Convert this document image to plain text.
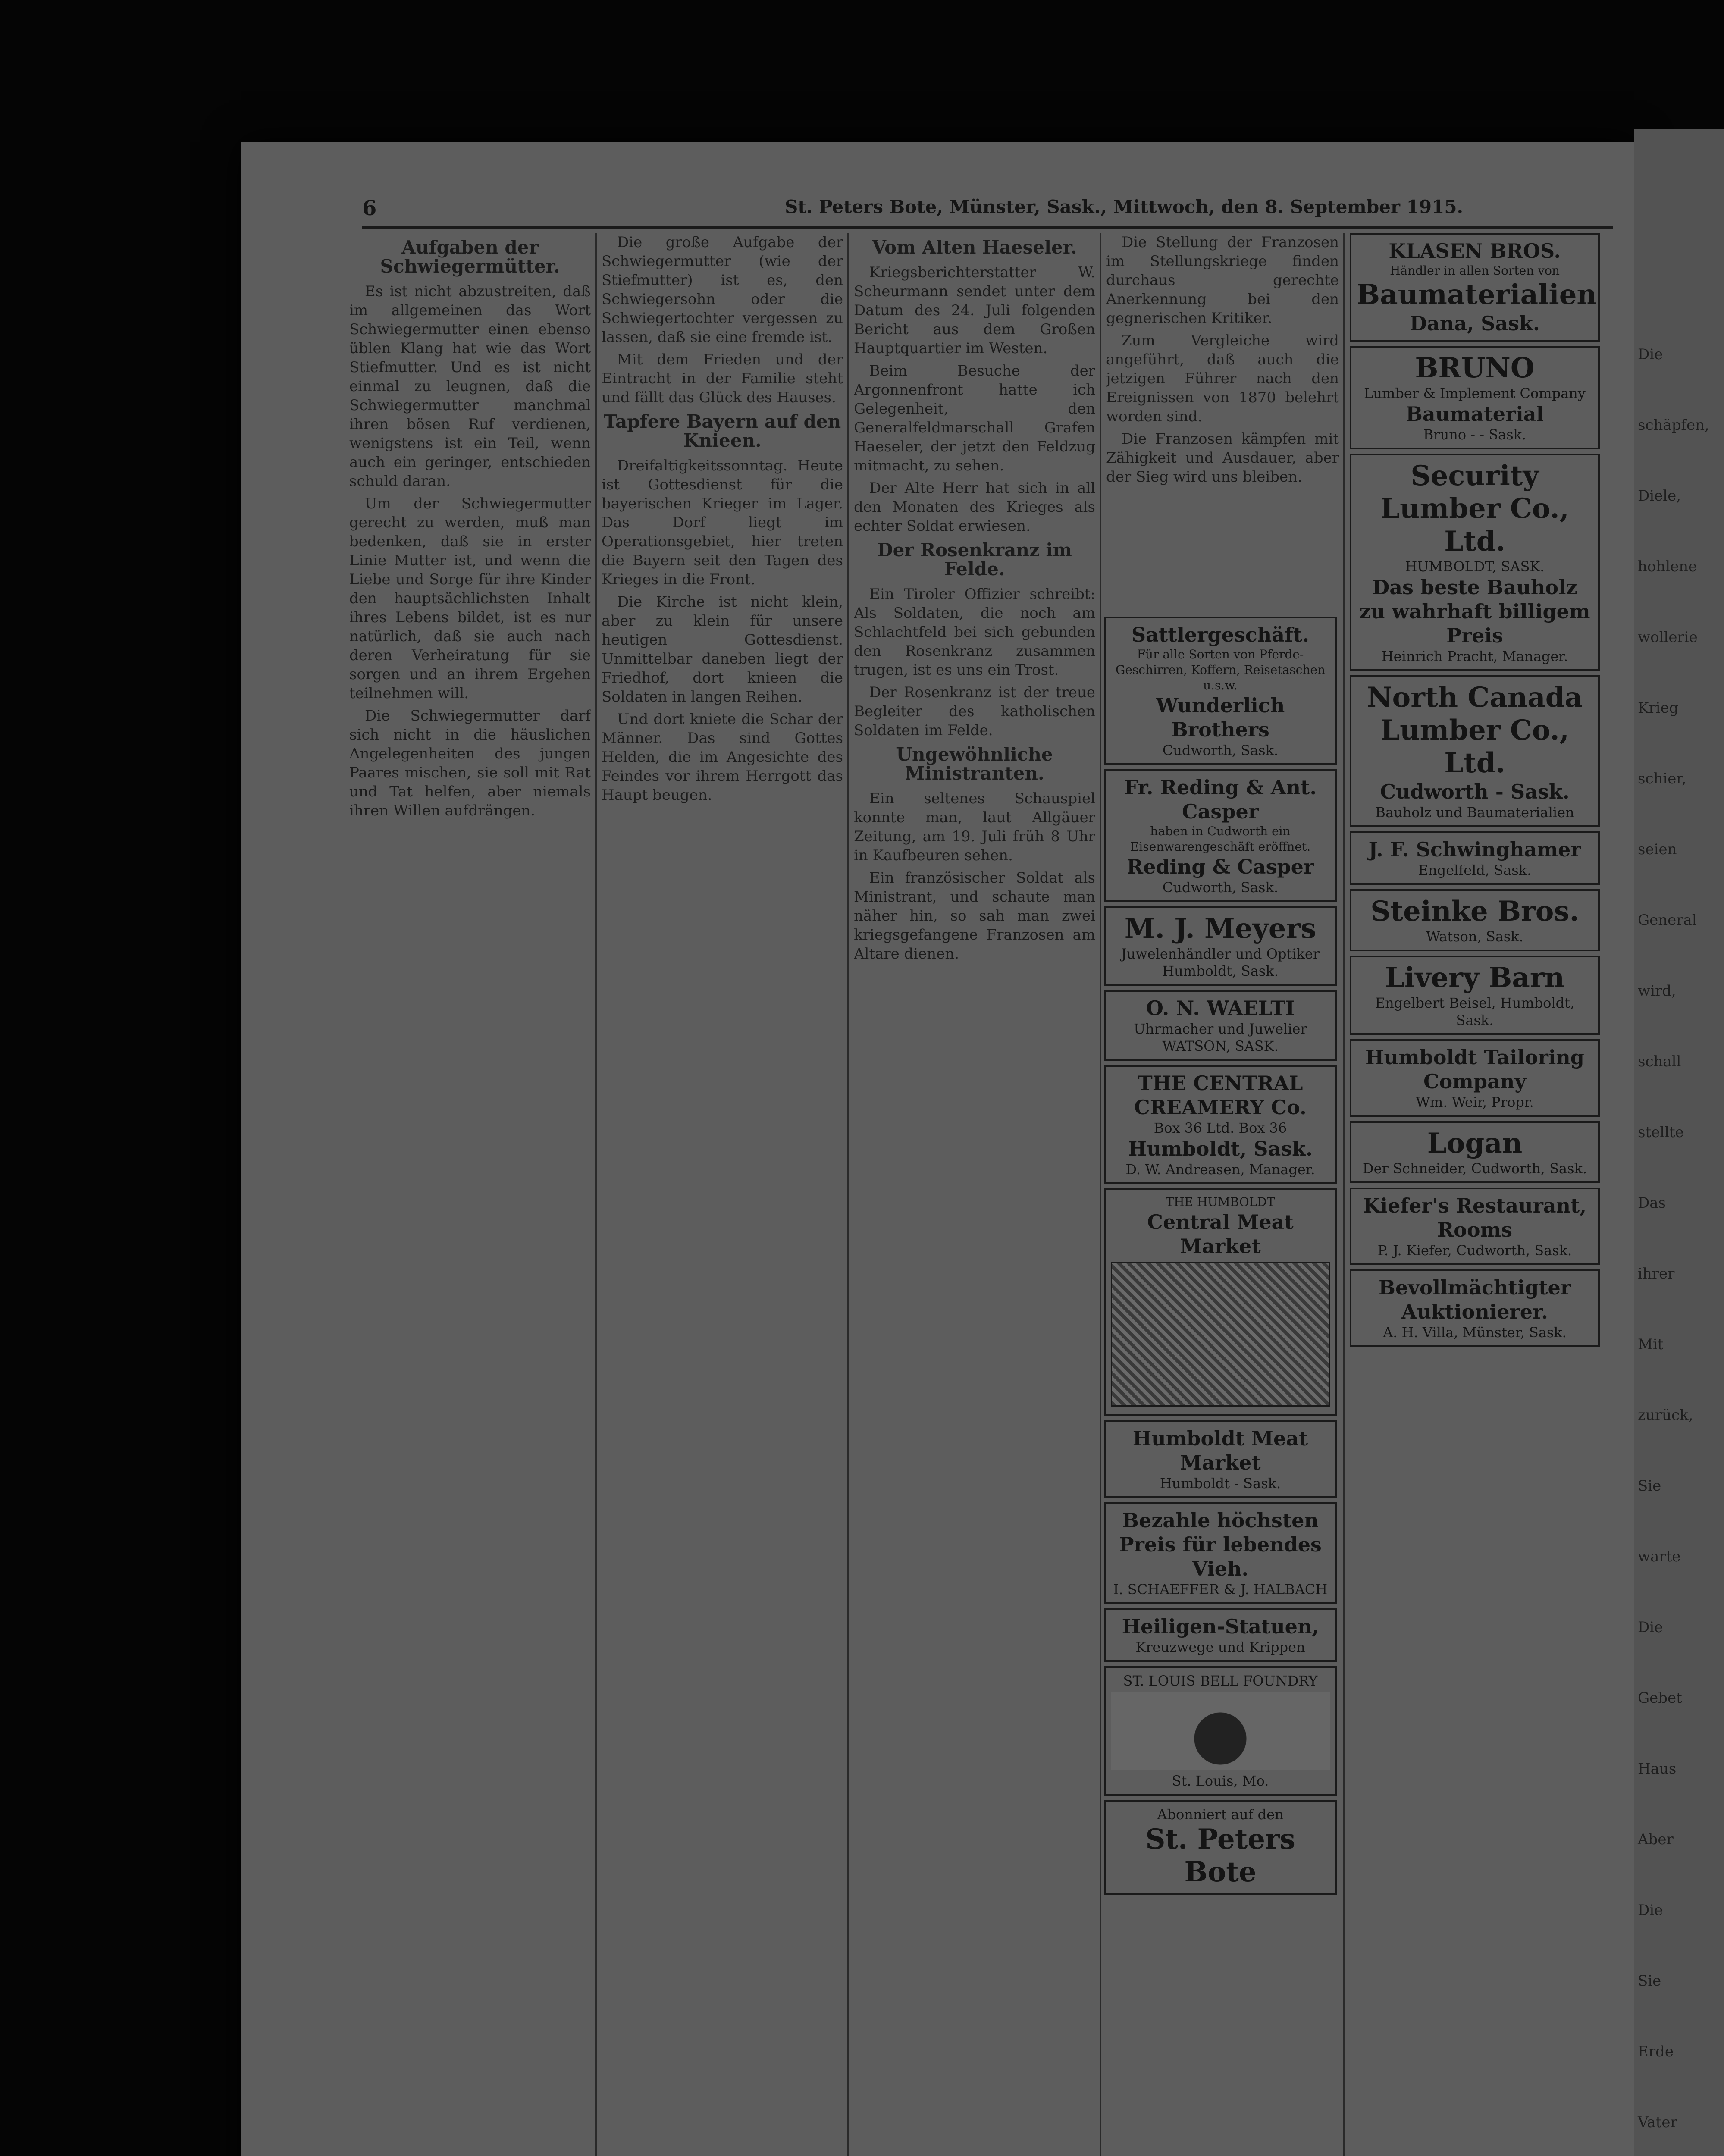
6	St. Peters Bote, Münster, Sask., Mittwoch, den 8. September 1915.
Aufgaben der Schwiegermütter.

Es ist nicht abzustreiten, daß im allgemeinen das Wort Schwiegermutter einen ebenso üblen Klang hat wie das Wort Stiefmutter. Und es ist nicht einmal zu leugnen, daß die Schwiegermutter manchmal ihren bösen Ruf verdienen, wenigstens ist ein Teil, wenn auch ein geringer, entschieden schuld daran.

Um der Schwiegermutter gerecht zu werden, muß man bedenken, daß sie in erster Linie Mutter ist, und wenn die Liebe und Sorge für ihre Kinder den hauptsächlichsten Inhalt ihres Lebens bildet, ist es nur natürlich, daß sie auch nach deren Verheiratung für sie sorgen und an ihrem Ergehen teilnehmen will.

Die Schwiegermutter darf sich nicht in die häuslichen Angelegenheiten des jungen Paares mischen, sie soll mit Rat und Tat helfen, aber niemals ihren Willen aufdrängen.

Die große Aufgabe der Schwiegermutter (wie der Stiefmutter) ist es, den Schwiegersohn oder die Schwiegertochter vergessen zu lassen, daß sie eine fremde ist.

Mit dem Frieden und der Eintracht in der Familie steht und fällt das Glück des Hauses.

Tapfere Bayern auf den Knieen.

Dreifaltigkeitssonntag. Heute ist Gottesdienst für die bayerischen Krieger im Lager. Das Dorf liegt im Operationsgebiet, hier treten die Bayern seit den Tagen des Krieges in die Front.

Die Kirche ist nicht klein, aber zu klein für unsere heutigen Gottesdienst. Unmittelbar daneben liegt der Friedhof, dort knieen die Soldaten in langen Reihen.

Und dort kniete die Schar der Männer. Das sind Gottes Helden, die im Angesichte des Feindes vor ihrem Herrgott das Haupt beugen.

Vom Alten Haeseler.

Kriegsberichterstatter W. Scheurmann sendet unter dem Datum des 24. Juli folgenden Bericht aus dem Großen Hauptquartier im Westen.

Beim Besuche der Argonnenfront hatte ich Gelegenheit, den Generalfeldmarschall Grafen Haeseler, der jetzt den Feldzug mitmacht, zu sehen.

Der Alte Herr hat sich in all den Monaten des Krieges als echter Soldat erwiesen.

Der Rosenkranz im Felde.

Ein Tiroler Offizier schreibt: Als Soldaten, die noch am Schlachtfeld bei sich gebunden den Rosenkranz zusammen trugen, ist es uns ein Trost.

Der Rosenkranz ist der treue Begleiter des katholischen Soldaten im Felde.

Ungewöhnliche Ministranten.

Ein seltenes Schauspiel konnte man, laut Allgäuer Zeitung, am 19. Juli früh 8 Uhr in Kaufbeuren sehen.

Ein französischer Soldat als Ministrant, und schaute man näher hin, so sah man zwei kriegsgefangene Franzosen am Altare dienen.

Die Stellung der Franzosen im Stellungskriege finden durchaus gerechte Anerkennung bei den gegnerischen Kritiker.

Zum Vergleiche wird angeführt, daß auch die jetzigen Führer nach den Ereignissen von 1870 belehrt worden sind.

Die Franzosen kämpfen mit Zähigkeit und Ausdauer, aber der Sieg wird uns bleiben.

Sattlergeschäft.
Für alle Sorten von Pferde-Geschirren, Koffern, Reisetaschen u.s.w.
Wunderlich Brothers
Cudworth, Sask.
Fr. Reding & Ant. Casper
haben in Cudworth ein Eisenwarengeschäft eröffnet.
Reding & Casper
Cudworth, Sask.
M. J. Meyers
Juwelenhändler und Optiker
Humboldt, Sask.
O. N. WAELTI
Uhrmacher und Juwelier
WATSON, SASK.
THE CENTRAL CREAMERY Co.
Box 36 Ltd. Box 36
Humboldt, Sask.
D. W. Andreasen, Manager.
THE HUMBOLDT
Central Meat Market
Humboldt Meat Market
Humboldt - Sask.
Bezahle höchsten Preis für lebendes Vieh.
I. SCHAEFFER & J. HALBACH
Heiligen-Statuen,
Kreuzwege und Krippen
ST. LOUIS BELL FOUNDRY
St. Louis, Mo.
Abonniert auf den
St. Peters Bote
KLASEN BROS.
Händler in allen Sorten von
Baumaterialien
Dana, Sask.
BRUNO
Lumber & Implement Company
Baumaterial
Bruno - - Sask.
Security Lumber Co., Ltd.
HUMBOLDT, SASK.
Das beste Bauholz
zu wahrhaft billigem Preis
Heinrich Pracht, Manager.
North Canada Lumber Co., Ltd.
Cudworth - Sask.
Bauholz und Baumaterialien
J. F. Schwinghamer
Engelfeld, Sask.
Steinke Bros.
Watson, Sask.
Livery Barn
Engelbert Beisel, Humboldt, Sask.
Humboldt Tailoring Company
Wm. Weir, Propr.
Logan
Der Schneider, Cudworth, Sask.
Kiefer's Restaurant, Rooms
P. J. Kiefer, Cudworth, Sask.
Bevollmächtigter Auktionierer.
A. H. Villa, Münster, Sask.
Die
schäpfen,
Diele,
hohlene
wollerie
Krieg
schier,
seien
General
wird,
schall
stellte
Das
ihrer
Mit
zurück,
Sie
warte
Die
Gebet
Haus
Aber
Die
Sie
Erde
Vater
